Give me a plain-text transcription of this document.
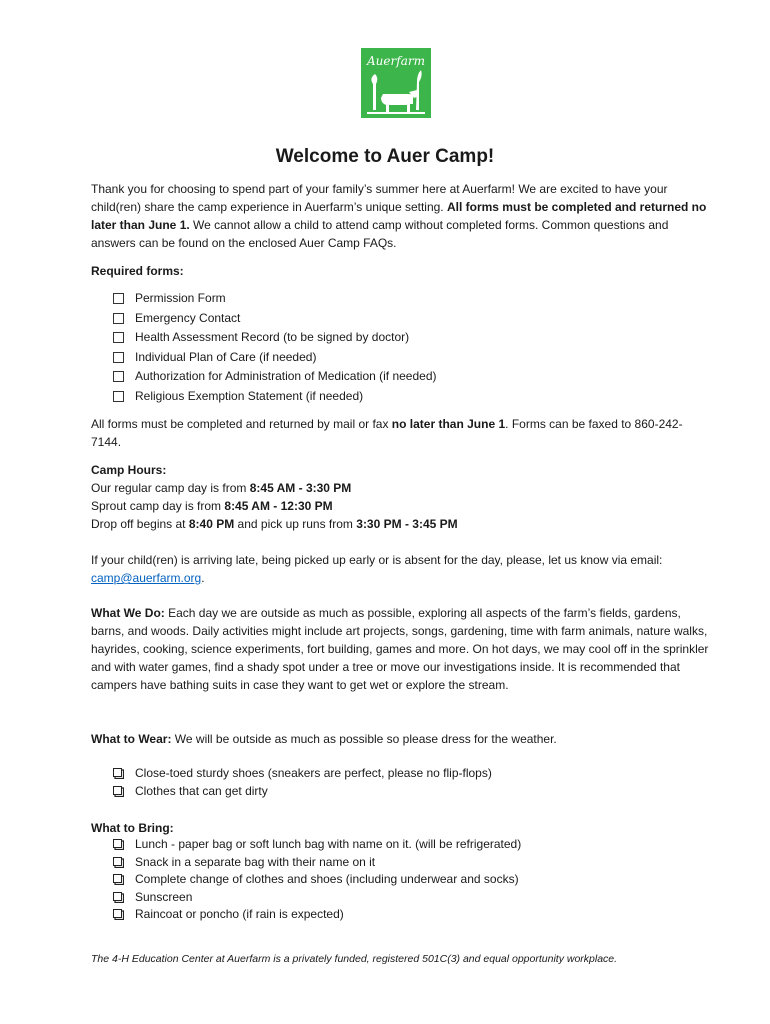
Auerfarm
Welcome to Auer Camp!

Thank you for choosing to spend part of your family’s summer here at Auerfarm! We are excited to have your child(ren) share the camp experience in Auerfarm’s unique setting. All forms must be completed and returned no later than June 1. We cannot allow a child to attend camp without completed forms. Common questions and answers can be found on the enclosed Auer Camp FAQs.

Required forms:

Permission Form
Emergency Contact
Health Assessment Record (to be signed by doctor)
Individual Plan of Care (if needed)
Authorization for Administration of Medication (if needed)
Religious Exemption Statement (if needed)

All forms must be completed and returned by mail or fax no later than June 1. Forms can be faxed to 860-242-7144.

Camp Hours:
Our regular camp day is from 8:45 AM - 3:30 PM
Sprout camp day is from 8:45 AM - 12:30 PM
Drop off begins at 8:40 PM and pick up runs from 3:30 PM - 3:45 PM

If your child(ren) is arriving late, being picked up early or is absent for the day, please, let us know via email: camp@auerfarm.org.

What We Do: Each day we are outside as much as possible, exploring all aspects of the farm’s fields, gardens, barns, and woods. Daily activities might include art projects, songs, gardening, time with farm animals, nature walks, hayrides, cooking, science experiments, fort building, games and more. On hot days, we may cool off in the sprinkler and with water games, find a shady spot under a tree or move our investigations inside. It is recommended that campers have bathing suits in case they want to get wet or explore the stream.

What to Wear: We will be outside as much as possible so please dress for the weather.

Close-toed sturdy shoes (sneakers are perfect, please no flip-flops)
Clothes that can get dirty

What to Bring:

Lunch - paper bag or soft lunch bag with name on it. (will be refrigerated)
Snack in a separate bag with their name on it
Complete change of clothes and shoes (including underwear and socks)
Sunscreen
Raincoat or poncho (if rain is expected)
The 4-H Education Center at Auerfarm is a privately funded, registered 501C(3) and equal opportunity workplace.
